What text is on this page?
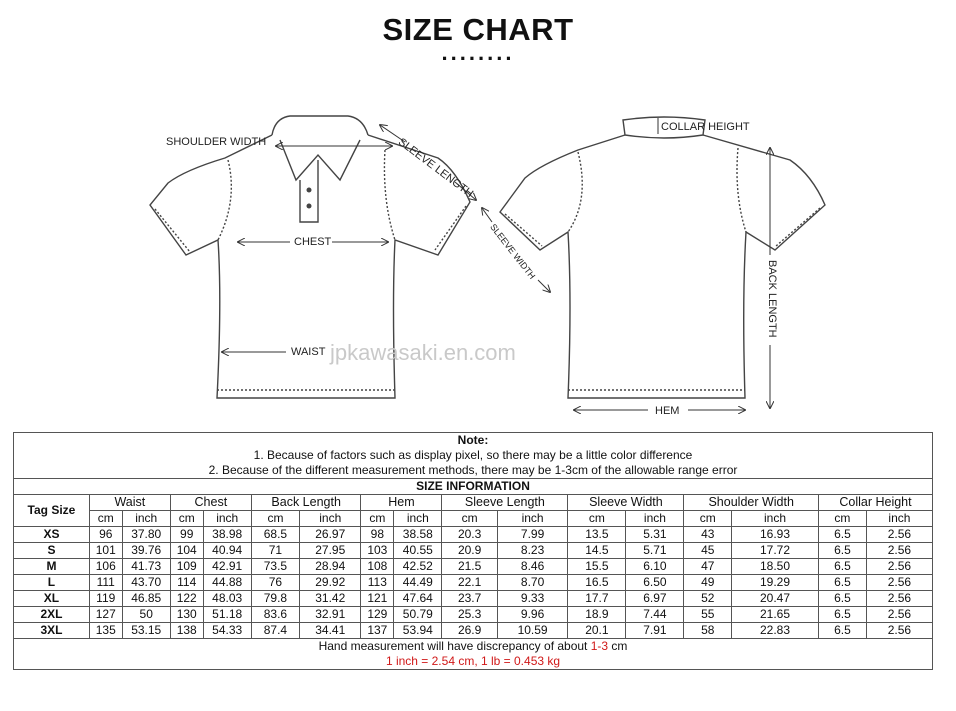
SIZE CHART
........
SHOULDER WIDTH	SLEEVE LENGTH
SLEEVE WIDTH
CHEST
WAIST
COLLAR HEIGHT
BACK LENGTH
HEM
jpkawasaki.en.com
Note:
1. Because of factors such as display pixel, so there may be a little color difference
2. Because of the different measurement methods, there may be 1-3cm of the allowable range error																

SIZE INFORMATION																
Tag Size	Waist		Chest		Back Length		Hem		Sleeve Length		Sleeve Width		Shoulder Width		Collar Height	
	cm	inch	cm	inch	cm	inch	cm	inch	cm	inch	cm	inch	cm	inch	cm	inch
XS	96	37.80	99	38.98	68.5	26.97	98	38.58	20.3	7.99	13.5	5.31	43	16.93	6.5	2.56
S	101	39.76	104	40.94	71	27.95	103	40.55	20.9	8.23	14.5	5.71	45	17.72	6.5	2.56
M	106	41.73	109	42.91	73.5	28.94	108	42.52	21.5	8.46	15.5	6.10	47	18.50	6.5	2.56
L	111	43.70	114	44.88	76	29.92	113	44.49	22.1	8.70	16.5	6.50	49	19.29	6.5	2.56
XL	119	46.85	122	48.03	79.8	31.42	121	47.64	23.7	9.33	17.7	6.97	52	20.47	6.5	2.56
2XL	127	50	130	51.18	83.6	32.91	129	50.79	25.3	9.96	18.9	7.44	55	21.65	6.5	2.56
3XL	135	53.15	138	54.33	87.4	34.41	137	53.94	26.9	10.59	20.1	7.91	58	22.83	6.5	2.56

Hand measurement will have discrepancy of about 1-3 cm
1 inch = 2.54 cm, 1 lb = 0.453 kg																
